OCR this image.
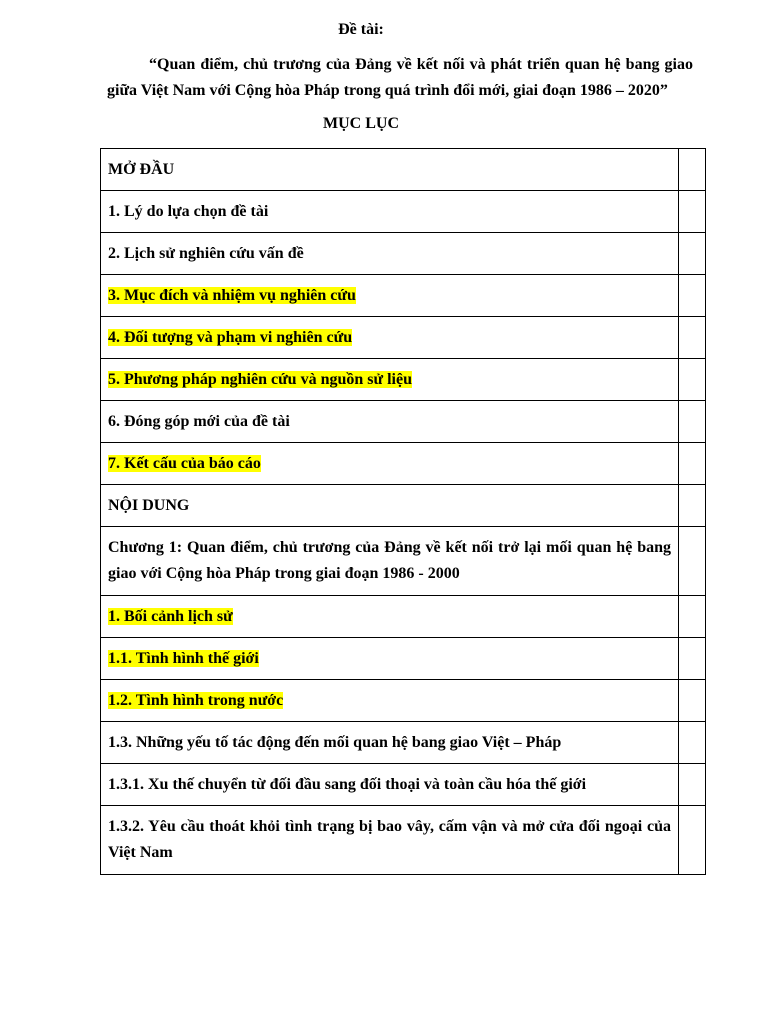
Đề tài:
“Quan điểm, chủ trương của Đảng về kết nối và phát triển quan hệ bang giao giữa Việt Nam với Cộng hòa Pháp trong quá trình đổi mới, giai đoạn 1986 – 2020”
MỤC LỤC
MỞ ĐẦU	
1. Lý do lựa chọn đề tài	
2. Lịch sử nghiên cứu vấn đề	
3. Mục đích và nhiệm vụ nghiên cứu	
4. Đối tượng và phạm vi nghiên cứu	
5. Phương pháp nghiên cứu và nguồn sử liệu	
6. Đóng góp mới của đề tài	
7. Kết cấu của báo cáo	
NỘI DUNG	
Chương 1: Quan điểm, chủ trương của Đảng về kết nối trở lại mối quan hệ bang giao với Cộng hòa Pháp trong giai đoạn 1986 - 2000	
1. Bối cảnh lịch sử	
1.1. Tình hình thế giới	
1.2. Tình hình trong nước	
1.3. Những yếu tố tác động đến mối quan hệ bang giao Việt – Pháp	
1.3.1. Xu thế chuyển từ đối đầu sang đối thoại và toàn cầu hóa thế giới	
1.3.2. Yêu cầu thoát khỏi tình trạng bị bao vây, cấm vận và mở cửa đối ngoại của Việt Nam	
